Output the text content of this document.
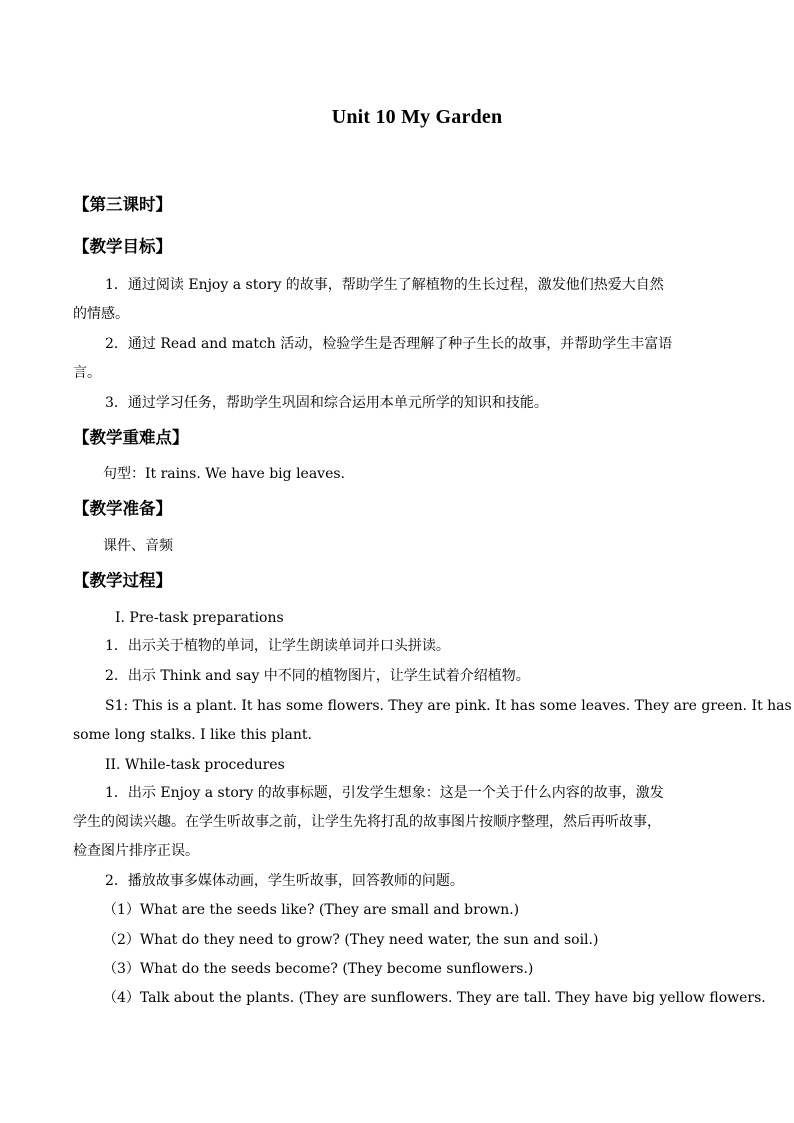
Unit 10 My Garden
【第三课时】
【教学目标】
1．通过阅读 Enjoy a story 的故事，帮助学生了解植物的生长过程，激发他们热爱大自然
的情感。
2．通过 Read and match 活动，检验学生是否理解了种子生长的故事，并帮助学生丰富语
言。
3．通过学习任务，帮助学生巩固和综合运用本单元所学的知识和技能。
【教学重难点】
句型：It rains. We have big leaves.
【教学准备】
课件、音频
【教学过程】
I. Pre-task preparations
1．出示关于植物的单词，让学生朗读单词并口头拼读。
2．出示 Think and say 中不同的植物图片，让学生试着介绍植物。
S1: This is a plant. It has some flowers. They are pink. It has some leaves. They are green. It has
some long stalks. I like this plant.
II. While-task procedures
1．出示 Enjoy a story 的故事标题，引发学生想象：这是一个关于什么内容的故事，激发
学生的阅读兴趣。在学生听故事之前，让学生先将打乱的故事图片按顺序整理，然后再听故事，
检查图片排序正误。
2．播放故事多媒体动画，学生听故事，回答教师的问题。
（1）What are the seeds like? (They are small and brown.)
（2）What do they need to grow? (They need water, the sun and soil.)
（3）What do the seeds become? (They become sunflowers.)
（4）Talk about the plants. (They are sunflowers. They are tall. They have big yellow flowers.
